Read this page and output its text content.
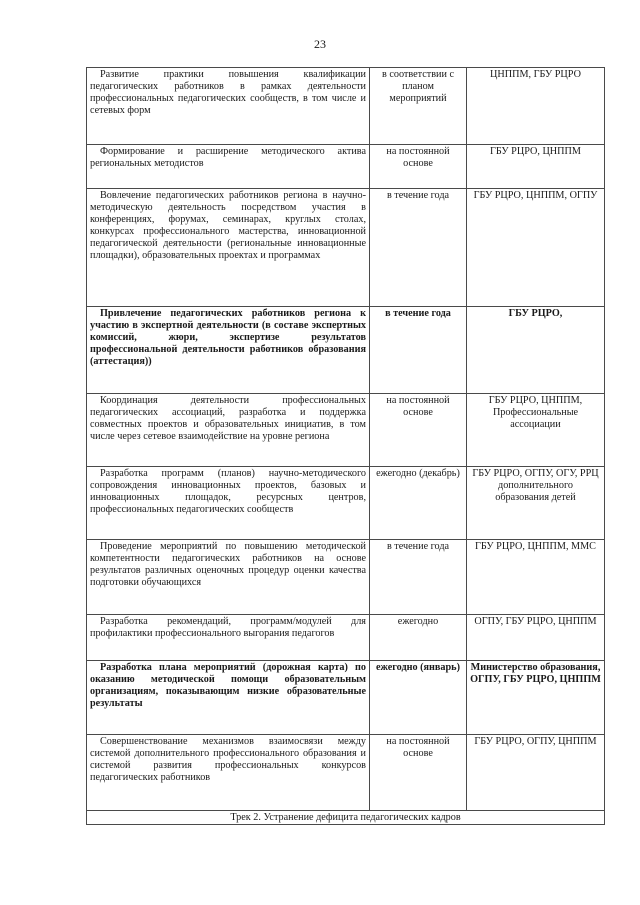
23
Развитие практики повышения квалификации педагогических работников в рамках деятельности профессиональных педагогических сообществ, в том числе и сетевых форм	в соответствии с планом мероприятий	ЦНППМ, ГБУ РЦРО
Формирование и расширение методического актива региональных методистов	на постоянной основе	ГБУ РЦРО, ЦНППМ
Вовлечение педагогических работников региона в научно-методическую деятельность посредством участия в конференциях, форумах, семинарах, круглых столах, конкурсах профессионального мастерства, инновационной педагогической деятельности (региональные инновационные площадки), образовательных проектах и программах	в течение года	ГБУ РЦРО, ЦНППМ, ОГПУ
Привлечение педагогических работников региона к участию в экспертной деятельности (в составе экспертных комиссий, жюри, экспертизе результатов профессиональной деятельности работников образования (аттестация))	в течение года	ГБУ РЦРО,
Координация деятельности профессиональных педагогических ассоциаций, разработка и поддержка совместных проектов и образовательных инициатив, в том числе через сетевое взаимодействие на уровне региона	на постоянной основе	ГБУ РЦРО, ЦНППМ, Профессиональные ассоциации
Разработка программ (планов) научно-методического сопровождения инновационных проектов, базовых и инновационных площадок, ресурсных центров, профессиональных педагогических сообществ	ежегодно (декабрь)	ГБУ РЦРО, ОГПУ, ОГУ, РРЦ дополнительного образования детей
Проведение мероприятий по повышению методической компетентности педагогических работников на основе результатов различных оценочных процедур оценки качества подготовки обучающихся	в течение года	ГБУ РЦРО, ЦНППМ, ММС
Разработка рекомендаций, программ/модулей для профилактики профессионального выгорания педагогов	ежегодно	ОГПУ, ГБУ РЦРО, ЦНППМ
Разработка плана мероприятий (дорожная карта) по оказанию методической помощи образовательным организациям, показывающим низкие образовательные результаты	ежегодно (январь)	Министерство образования, ОГПУ, ГБУ РЦРО, ЦНППМ
Совершенствование механизмов взаимосвязи между системой дополнительного профессионального образования и системой развития профессиональных конкурсов педагогических работников	на постоянной основе	ГБУ РЦРО, ОГПУ, ЦНППМ
Трек 2. Устранение дефицита педагогических кадров		
